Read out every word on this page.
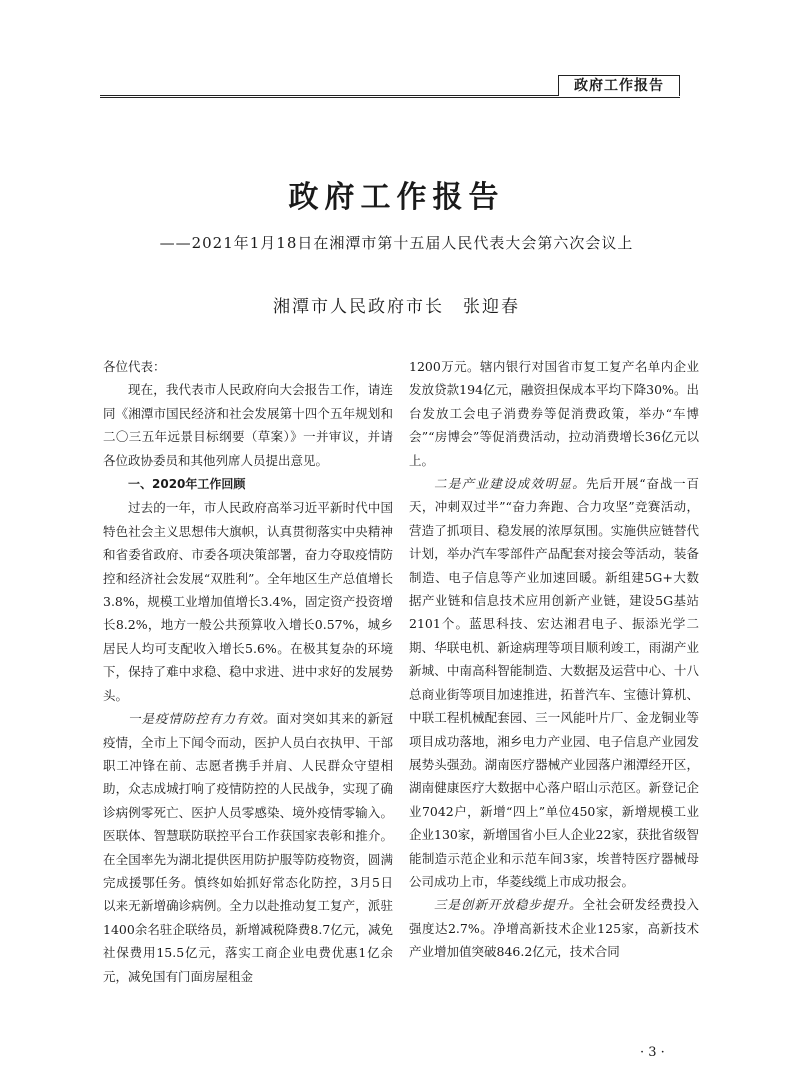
政府工作报告
政府工作报告
——2021年1月18日在湘潭市第十五届人民代表大会第六次会议上
湘潭市人民政府市长　张迎春

各位代表：

现在，我代表市人民政府向大会报告工作，请连同《湘潭市国民经济和社会发展第十四个五年规划和二〇三五年远景目标纲要（草案）》一并审议，并请各位政协委员和其他列席人员提出意见。

一、2020年工作回顾

过去的一年，市人民政府高举习近平新时代中国特色社会主义思想伟大旗帜，认真贯彻落实中央精神和省委省政府、市委各项决策部署，奋力夺取疫情防控和经济社会发展“双胜利”。全年地区生产总值增长3.8%，规模工业增加值增长3.4%，固定资产投资增长8.2%，地方一般公共预算收入增长0.57%，城乡居民人均可支配收入增长5.6%。在极其复杂的环境下，保持了难中求稳、稳中求进、进中求好的发展势头。

一是疫情防控有力有效。面对突如其来的新冠疫情，全市上下闻令而动，医护人员白衣执甲、干部职工冲锋在前、志愿者携手并肩、人民群众守望相助，众志成城打响了疫情防控的人民战争，实现了确诊病例零死亡、医护人员零感染、境外疫情零输入。医联体、智慧联防联控平台工作获国家表彰和推介。在全国率先为湖北提供医用防护服等防疫物资，圆满完成援鄂任务。慎终如始抓好常态化防控，3月5日以来无新增确诊病例。全力以赴推动复工复产，派驻1400余名驻企联络员，新增减税降费8.7亿元，减免社保费用15.5亿元，落实工商企业电费优惠1亿余元，减免国有门面房屋租金

1200万元。辖内银行对国省市复工复产名单内企业发放贷款194亿元，融资担保成本平均下降30%。出台发放工会电子消费券等促消费政策，举办“车博会”“房博会”等促消费活动，拉动消费增长36亿元以上。

二是产业建设成效明显。先后开展“奋战一百天，冲刺双过半”“奋力奔跑、合力攻坚”竞赛活动，营造了抓项目、稳发展的浓厚氛围。实施供应链替代计划，举办汽车零部件产品配套对接会等活动，装备制造、电子信息等产业加速回暖。新组建5G+大数据产业链和信息技术应用创新产业链，建设5G基站2101个。蓝思科技、宏达湘君电子、振添光学二期、华联电机、新途病理等项目顺利竣工，雨湖产业新城、中南高科智能制造、大数据及运营中心、十八总商业街等项目加速推进，拓普汽车、宝德计算机、中联工程机械配套园、三一风能叶片厂、金龙铜业等项目成功落地，湘乡电力产业园、电子信息产业园发展势头强劲。湖南医疗器械产业园落户湘潭经开区，湖南健康医疗大数据中心落户昭山示范区。新登记企业7042户，新增“四上”单位450家，新增规模工业企业130家，新增国省小巨人企业22家，获批省级智能制造示范企业和示范车间3家，埃普特医疗器械母公司成功上市，华菱线缆上市成功报会。

三是创新开放稳步提升。全社会研发经费投入强度达2.7%。净增高新技术企业125家，高新技术产业增加值突破846.2亿元，技术合同

· 3 ·
